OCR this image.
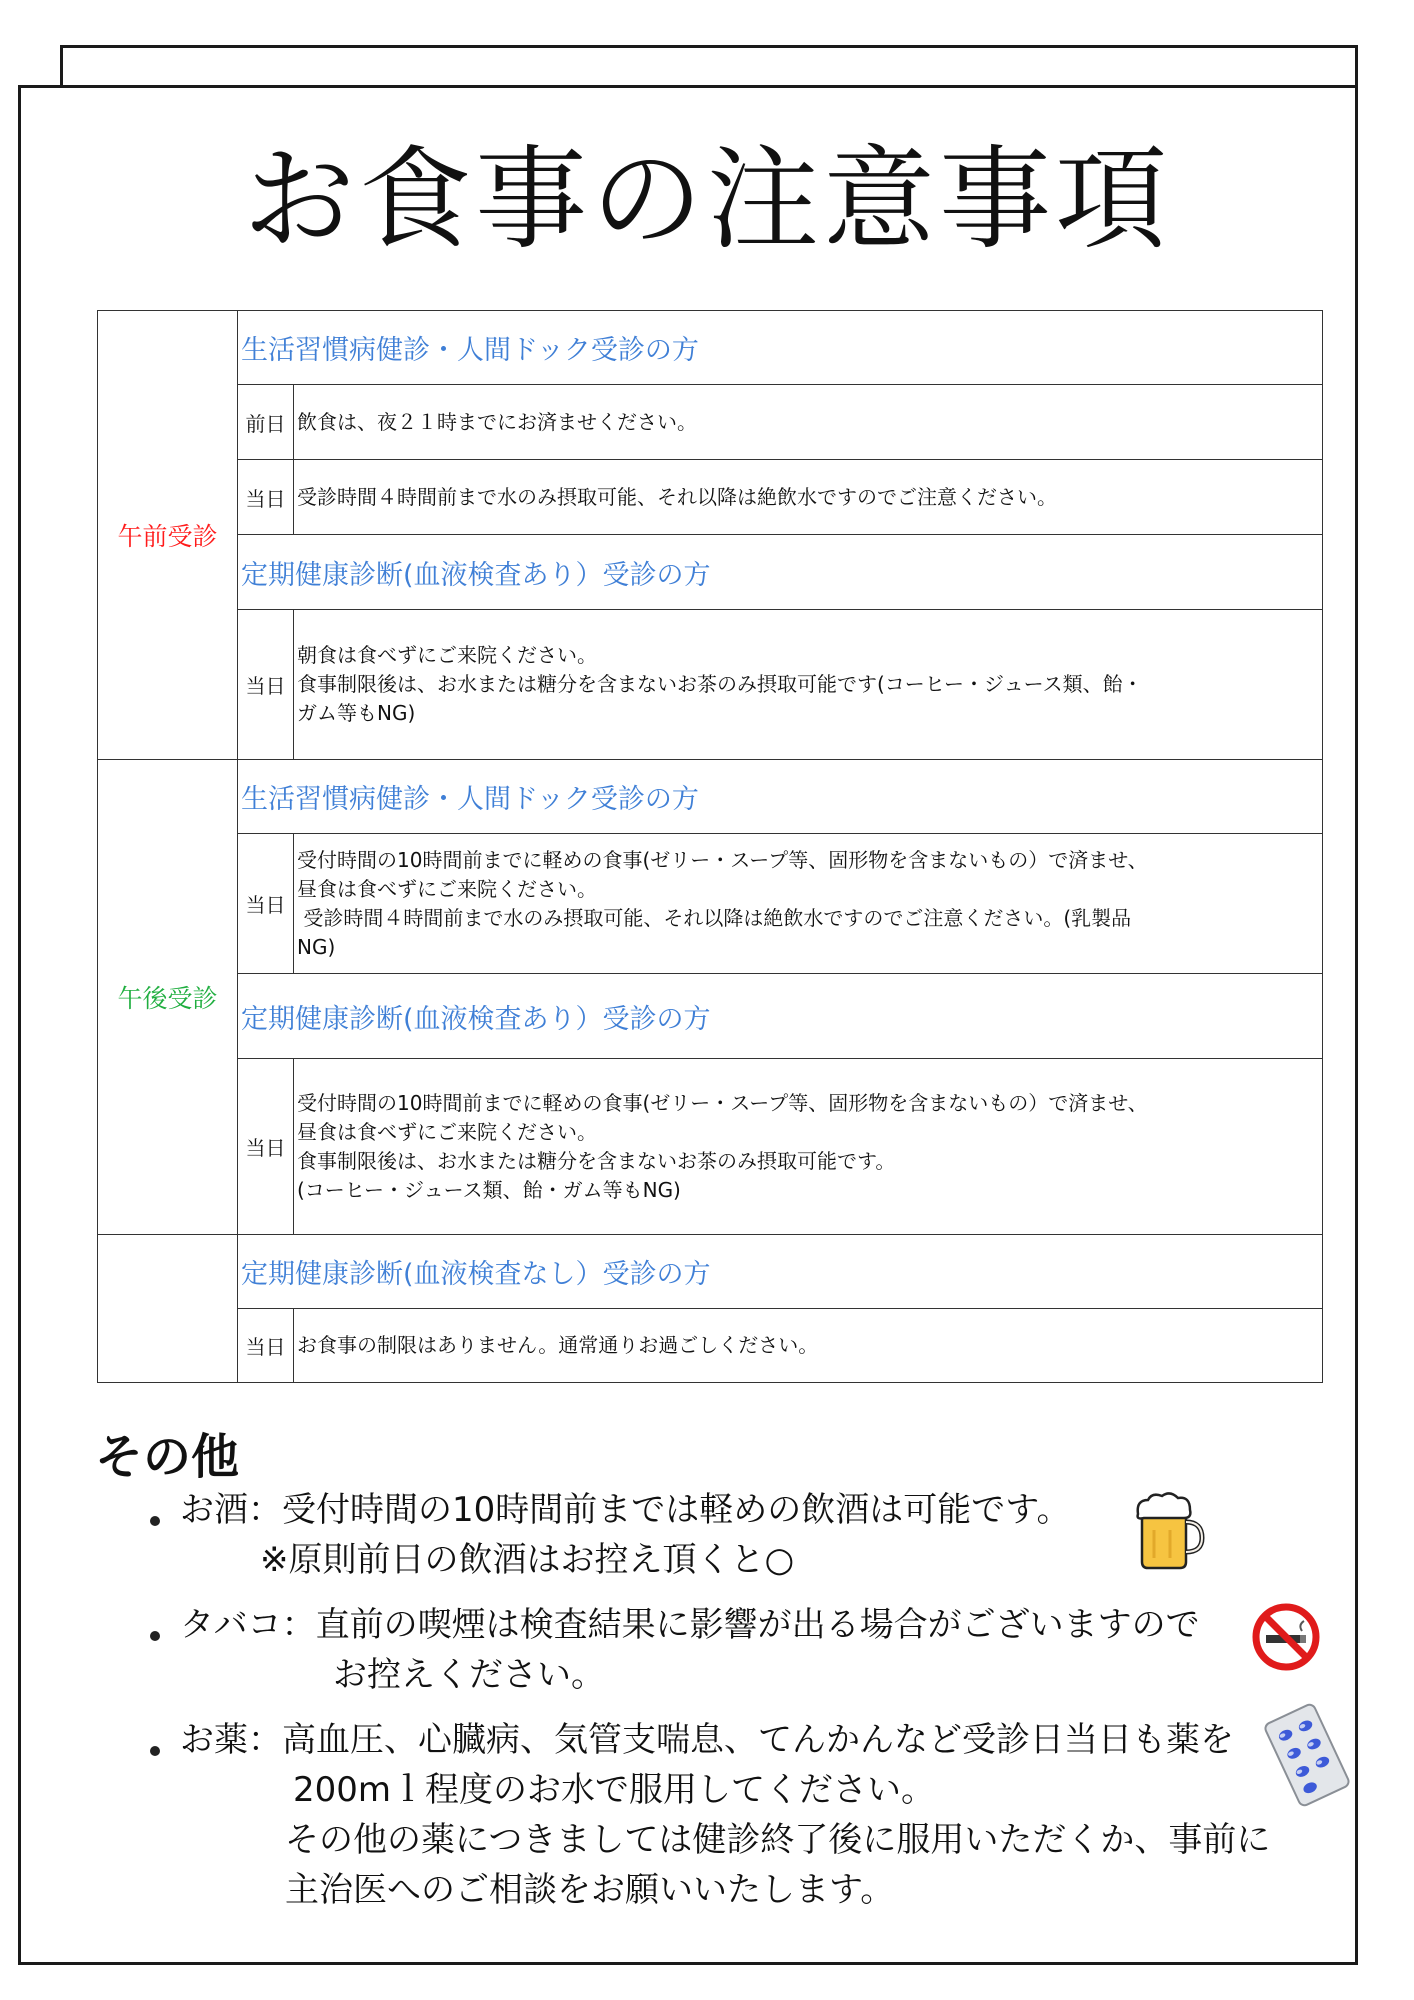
お食事の注意事項
午前受診	生活習慣病健診・人間ドック受診の方	
	前日	飲食は、夜２１時までにお済ませください。

	当日	受診時間４時間前まで水のみ摂取可能、それ以降は絶飲水ですのでご注意ください。

	定期健康診断(血液検査あり）受診の方	
	当日	朝食は食べずにご来院ください。
食事制限後は、お水または糖分を含まないお茶のみ摂取可能です(コーヒー・ジュース類、飴・
ガム等もNG)

午後受診	生活習慣病健診・人間ドック受診の方	
	当日	受付時間の10時間前までに軽めの食事(ゼリー・スープ等、固形物を含まないもの）で済ませ、
昼食は食べずにご来院ください。
受診時間４時間前まで水のみ摂取可能、それ以降は絶飲水ですのでご注意ください。(乳製品
NG)

	定期健康診断(血液検査あり）受診の方	
	当日	受付時間の10時間前までに軽めの食事(ゼリー・スープ等、固形物を含まないもの）で済ませ、
昼食は食べずにご来院ください。
食事制限後は、お水または糖分を含まないお茶のみ摂取可能です。
(コーヒー・ジュース類、飴・ガム等もNG)

	定期健康診断(血液検査なし）受診の方	
	当日	お食事の制限はありません。通常通りお過ごしください。
その他
お酒：受付時間の10時間前までは軽めの飲酒は可能です。
※原則前日の飲酒はお控え頂くと○
タバコ：直前の喫煙は検査結果に影響が出る場合がございますので
お控えください。
お薬：高血圧、心臓病、気管支喘息、てんかんなど受診日当日も薬を
200mｌ程度のお水で服用してください。
その他の薬につきましては健診終了後に服用いただくか、事前に
主治医へのご相談をお願いいたします。
